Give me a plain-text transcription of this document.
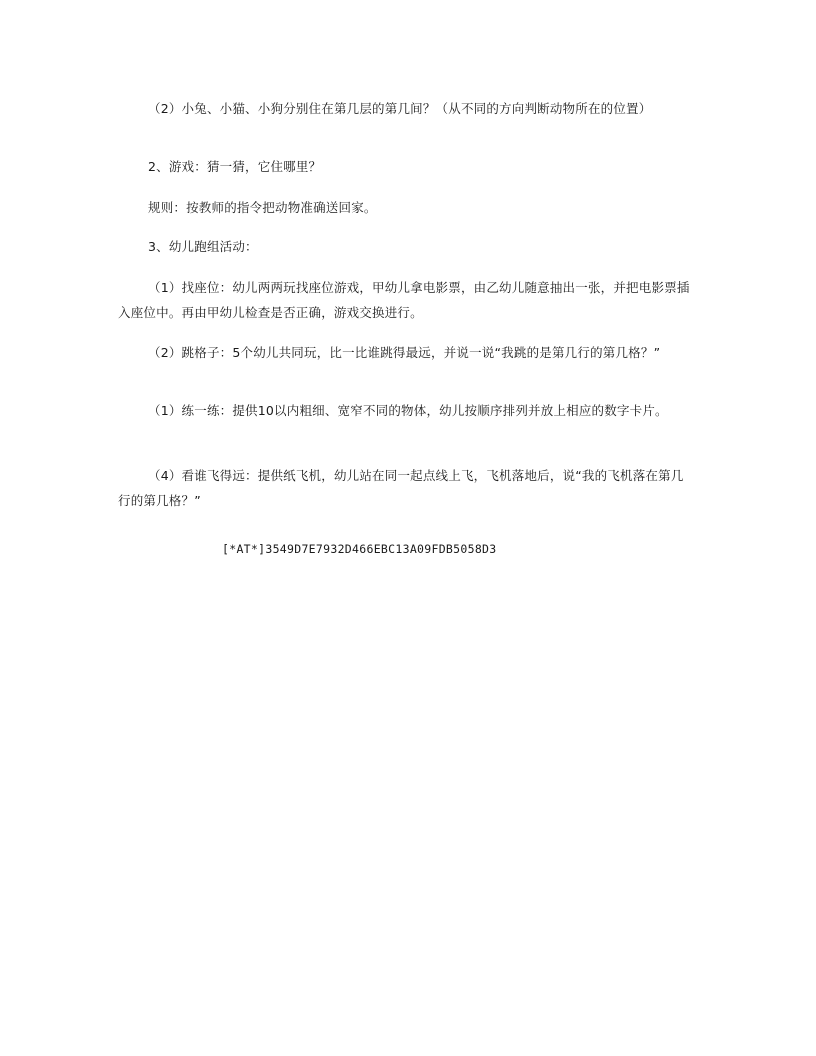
（2）小兔、小猫、小狗分别住在第几层的第几间？（从不同的方向判断动物所在的位置）

2、游戏：猜一猜，它住哪里？

规则：按教师的指令把动物准确送回家。

3、幼儿跑组活动：

（1）找座位：幼儿两两玩找座位游戏，甲幼儿拿电影票，由乙幼儿随意抽出一张，并把电影票插入座位中。再由甲幼儿检查是否正确，游戏交换进行。

（2）跳格子：5个幼儿共同玩，比一比谁跳得最远，并说一说“我跳的是第几行的第几格？”

（1）练一练：提供10以内粗细、宽窄不同的物体，幼儿按顺序排列并放上相应的数字卡片。

（4）看谁飞得远：提供纸飞机，幼儿站在同一起点线上飞，飞机落地后，说“我的飞机落在第几行的第几格？”

[*AT*]3549D7E7932D466EBC13A09FDB5058D3
